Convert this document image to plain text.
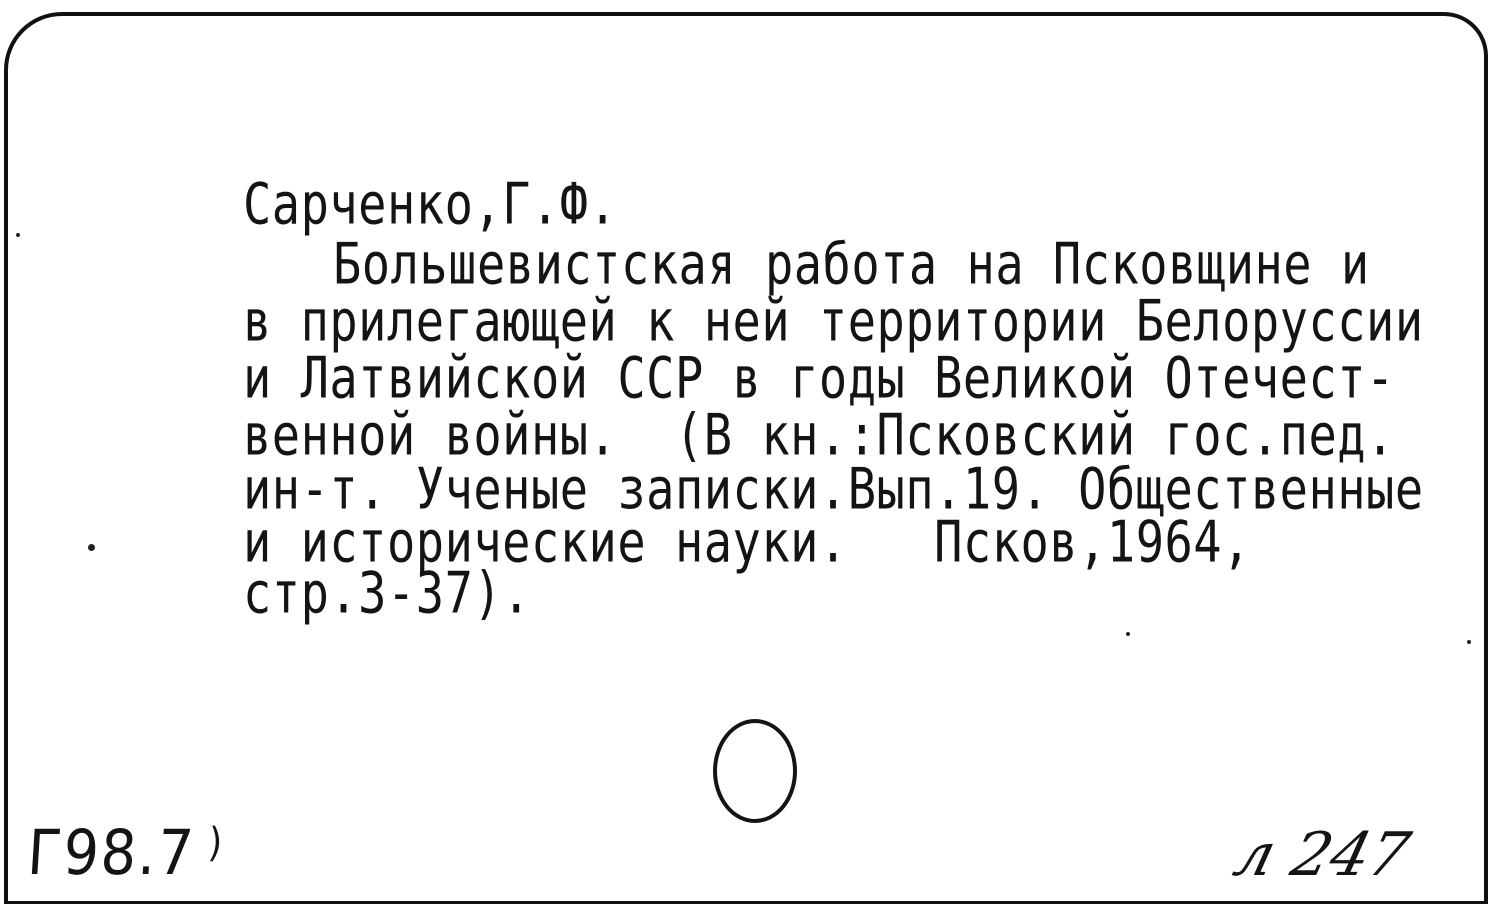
Сарченко,Г.Ф.
Большевистская работа на Псковщине и
в прилегающей к ней территории Белоруссии
и Латвийской ССР в годы Великой Отечест-
венной войны.  (В кн.:Псковский гос.пед.
ин-т. Ученые записки.Вып.19. Общественные
и исторические науки.   Псков,1964,
стр.3-37).
Г98.7 )	л 247
